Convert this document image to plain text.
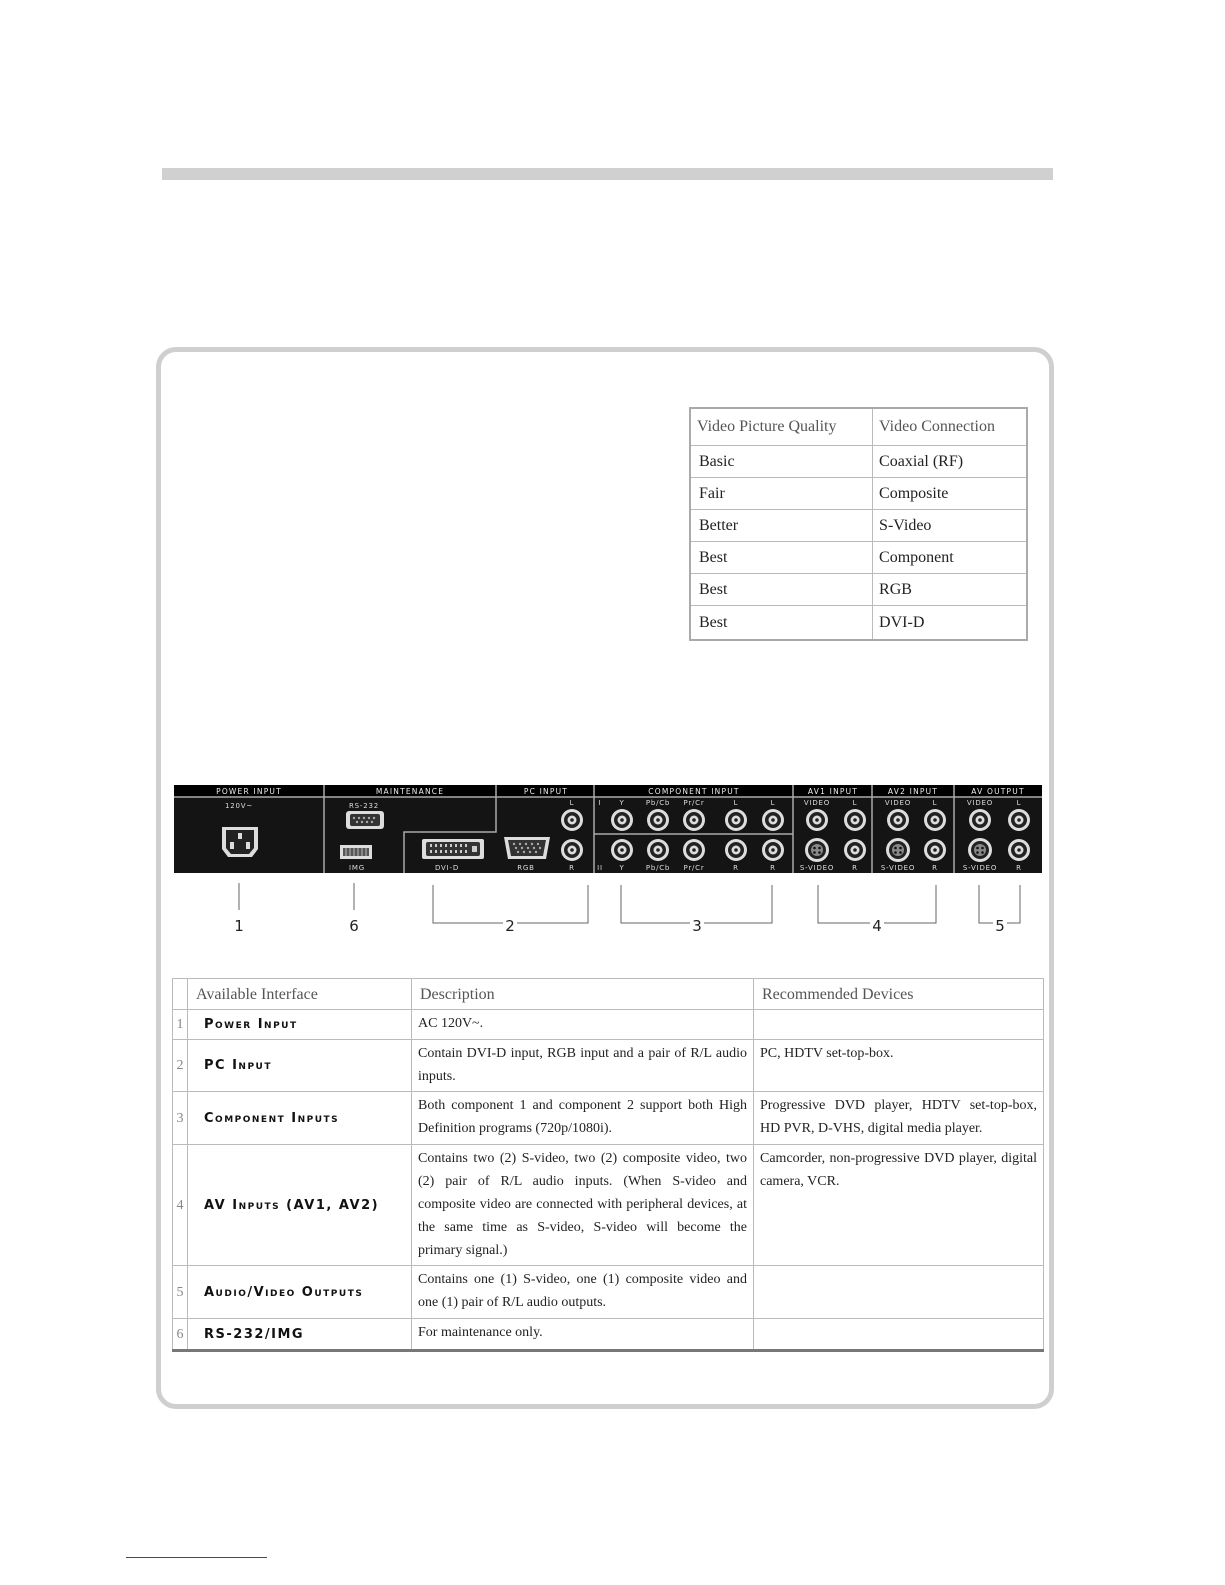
Video Picture Quality	Video Connection
Basic	Coaxial (RF)
Fair	Composite
Better	S-Video
Best	Component
Best	RGB
Best	DVI-D
POWER INPUT	MAINTENANCE	PC INPUT	COMPONENT INPUT	AV1 INPUT	AV2 INPUT	AV OUTPUT
120V~	RS-232
IMG	DVI-D	RGB
L
R
I
II
Y	Pb/Cb Pr/Cr	L	L
Y	Pb/Cb Pr/Cr	R	R
VIDEO	L
S-VIDEO	R
VIDEO	L
S-VIDEO R
VIDEO	L
S-VIDEO	R
1	6	2	3	4	5
	Available Interface	Description	Recommended Devices
1	Power Input	AC 120V~.	
2	PC Input	Contain DVI-D input, RGB input and a pair of R/L audio inputs.	PC, HDTV set-top-box.
3	Component Inputs	Both component 1 and component 2 support both High Definition programs (720p/1080i).	Progressive DVD player, HDTV set-top-box, HD PVR, D-VHS, digital media player.
4	AV Inputs (AV1, AV2)	Contains two (2) S-video, two (2) composite video, two (2) pair of R/L audio inputs. (When S-video and composite video are connected with peripheral devices, at the same time as S-video, S-video will become the primary signal.)	Camcorder, non-progressive DVD player, digital camera, VCR.
5	Audio/Video Outputs	Contains one (1) S-video, one (1) composite video and one (1) pair of R/L audio outputs.	
6	RS-232/IMG	For maintenance only.	
